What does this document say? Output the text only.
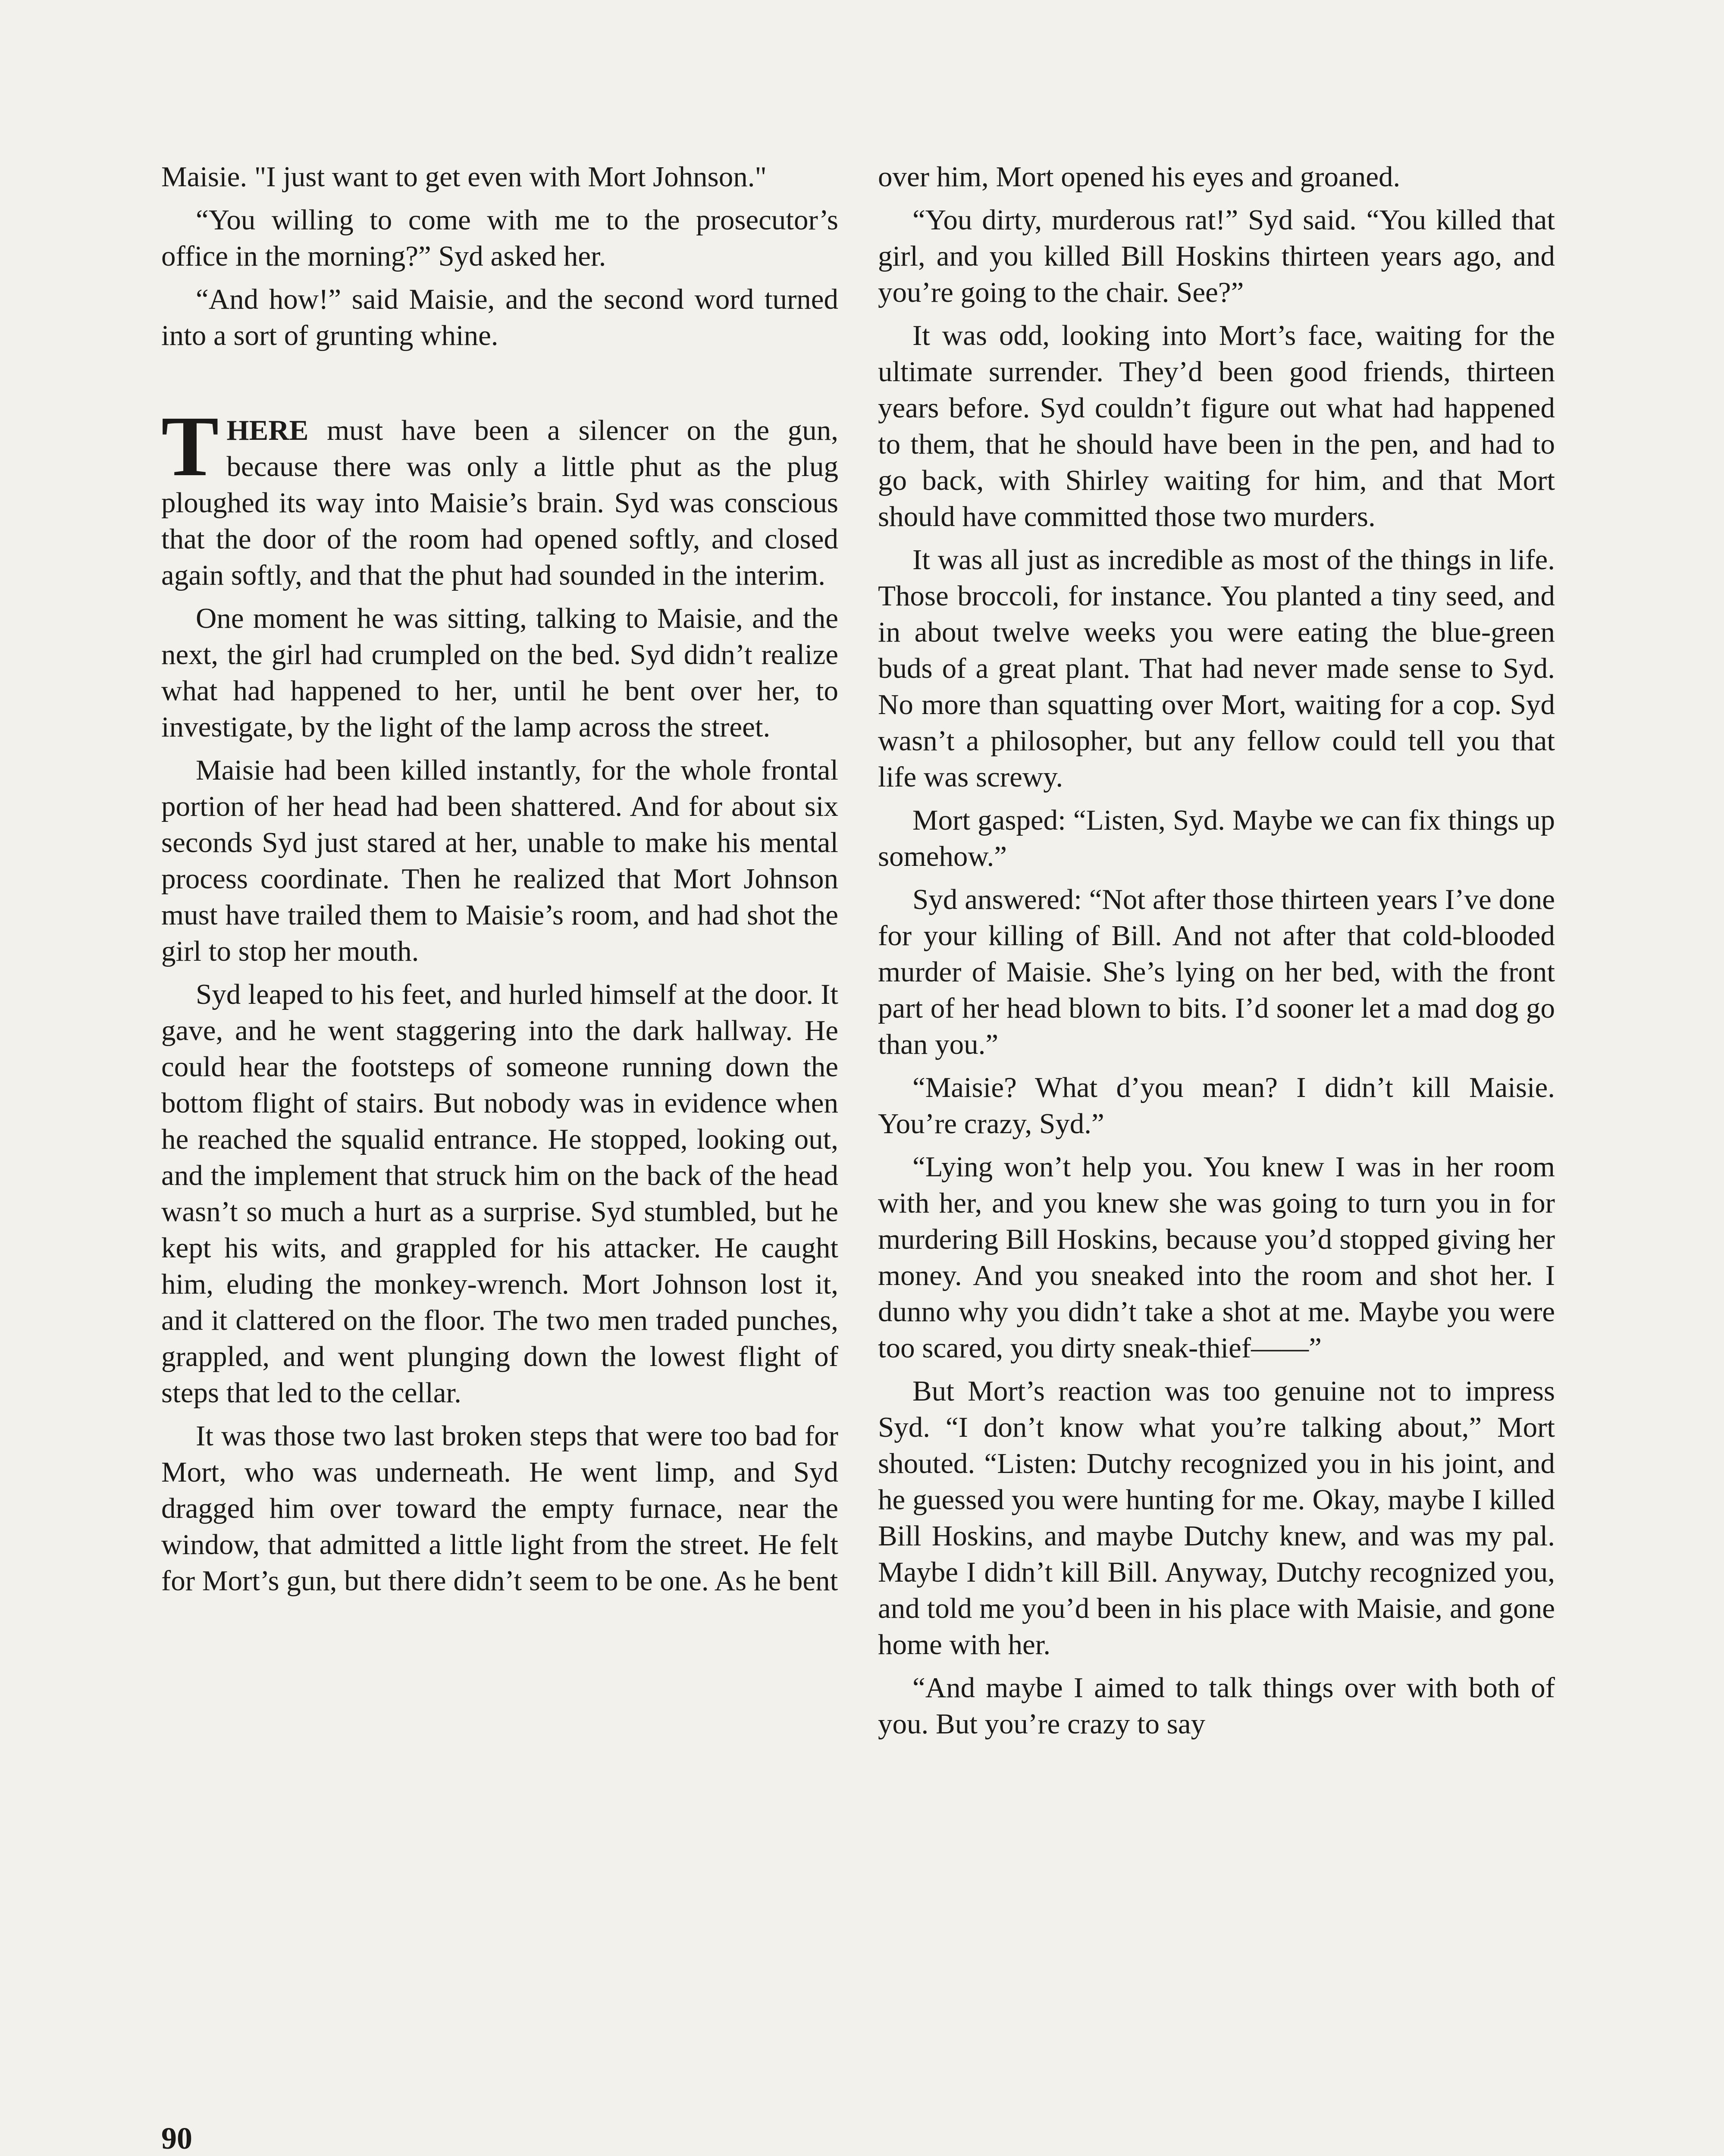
Maisie. "I just want to get even with Mort Johnson."

“You willing to come with me to the prosecutor’s office in the morning?” Syd asked her.

“And how!” said Maisie, and the second word turned into a sort of grunting whine.

THERE must have been a silencer on the gun, because there was only a little phut as the plug ploughed its way into Maisie’s brain. Syd was conscious that the door of the room had opened softly, and closed again softly, and that the phut had sounded in the interim.

One moment he was sitting, talking to Maisie, and the next, the girl had crumpled on the bed. Syd didn’t realize what had happened to her, until he bent over her, to investigate, by the light of the lamp across the street.

Maisie had been killed instantly, for the whole frontal portion of her head had been shattered. And for about six seconds Syd just stared at her, unable to make his mental process coordinate. Then he realized that Mort Johnson must have trailed them to Maisie’s room, and had shot the girl to stop her mouth.

Syd leaped to his feet, and hurled himself at the door. It gave, and he went staggering into the dark hallway. He could hear the footsteps of someone running down the bottom flight of stairs. But nobody was in evidence when he reached the squalid entrance. He stopped, looking out, and the implement that struck him on the back of the head wasn’t so much a hurt as a surprise. Syd stumbled, but he kept his wits, and grappled for his attacker. He caught him, eluding the monkey-wrench. Mort Johnson lost it, and it clattered on the floor. The two men traded punches, grappled, and went plunging down the lowest flight of steps that led to the cellar.

It was those two last broken steps that were too bad for Mort, who was underneath. He went limp, and Syd dragged him over toward the empty furnace, near the window, that admitted a little light from the street. He felt for Mort’s gun, but there didn’t seem to be one. As he bent

over him, Mort opened his eyes and groaned.

“You dirty, murderous rat!” Syd said. “You killed that girl, and you killed Bill Hoskins thirteen years ago, and you’re going to the chair. See?”

It was odd, looking into Mort’s face, waiting for the ultimate surrender. They’d been good friends, thirteen years before. Syd couldn’t figure out what had happened to them, that he should have been in the pen, and had to go back, with Shirley waiting for him, and that Mort should have committed those two murders.

It was all just as incredible as most of the things in life. Those broccoli, for instance. You planted a tiny seed, and in about twelve weeks you were eating the blue-green buds of a great plant. That had never made sense to Syd. No more than squatting over Mort, waiting for a cop. Syd wasn’t a philosopher, but any fellow could tell you that life was screwy.

Mort gasped: “Listen, Syd. Maybe we can fix things up somehow.”

Syd answered: “Not after those thirteen years I’ve done for your killing of Bill. And not after that cold-blooded murder of Maisie. She’s lying on her bed, with the front part of her head blown to bits. I’d sooner let a mad dog go than you.”

“Maisie? What d’you mean? I didn’t kill Maisie. You’re crazy, Syd.”

“Lying won’t help you. You knew I was in her room with her, and you knew she was going to turn you in for murdering Bill Hoskins, because you’d stopped giving her money. And you sneaked into the room and shot her. I dunno why you didn’t take a shot at me. Maybe you were too scared, you dirty sneak-thief——”

But Mort’s reaction was too genuine not to impress Syd. “I don’t know what you’re talking about,” Mort shouted. “Listen: Dutchy recognized you in his joint, and he guessed you were hunting for me. Okay, maybe I killed Bill Hoskins, and maybe Dutchy knew, and was my pal. Maybe I didn’t kill Bill. Anyway, Dutchy recognized you, and told me you’d been in his place with Maisie, and gone home with her.

“And maybe I aimed to talk things over with both of you. But you’re crazy to say

90
